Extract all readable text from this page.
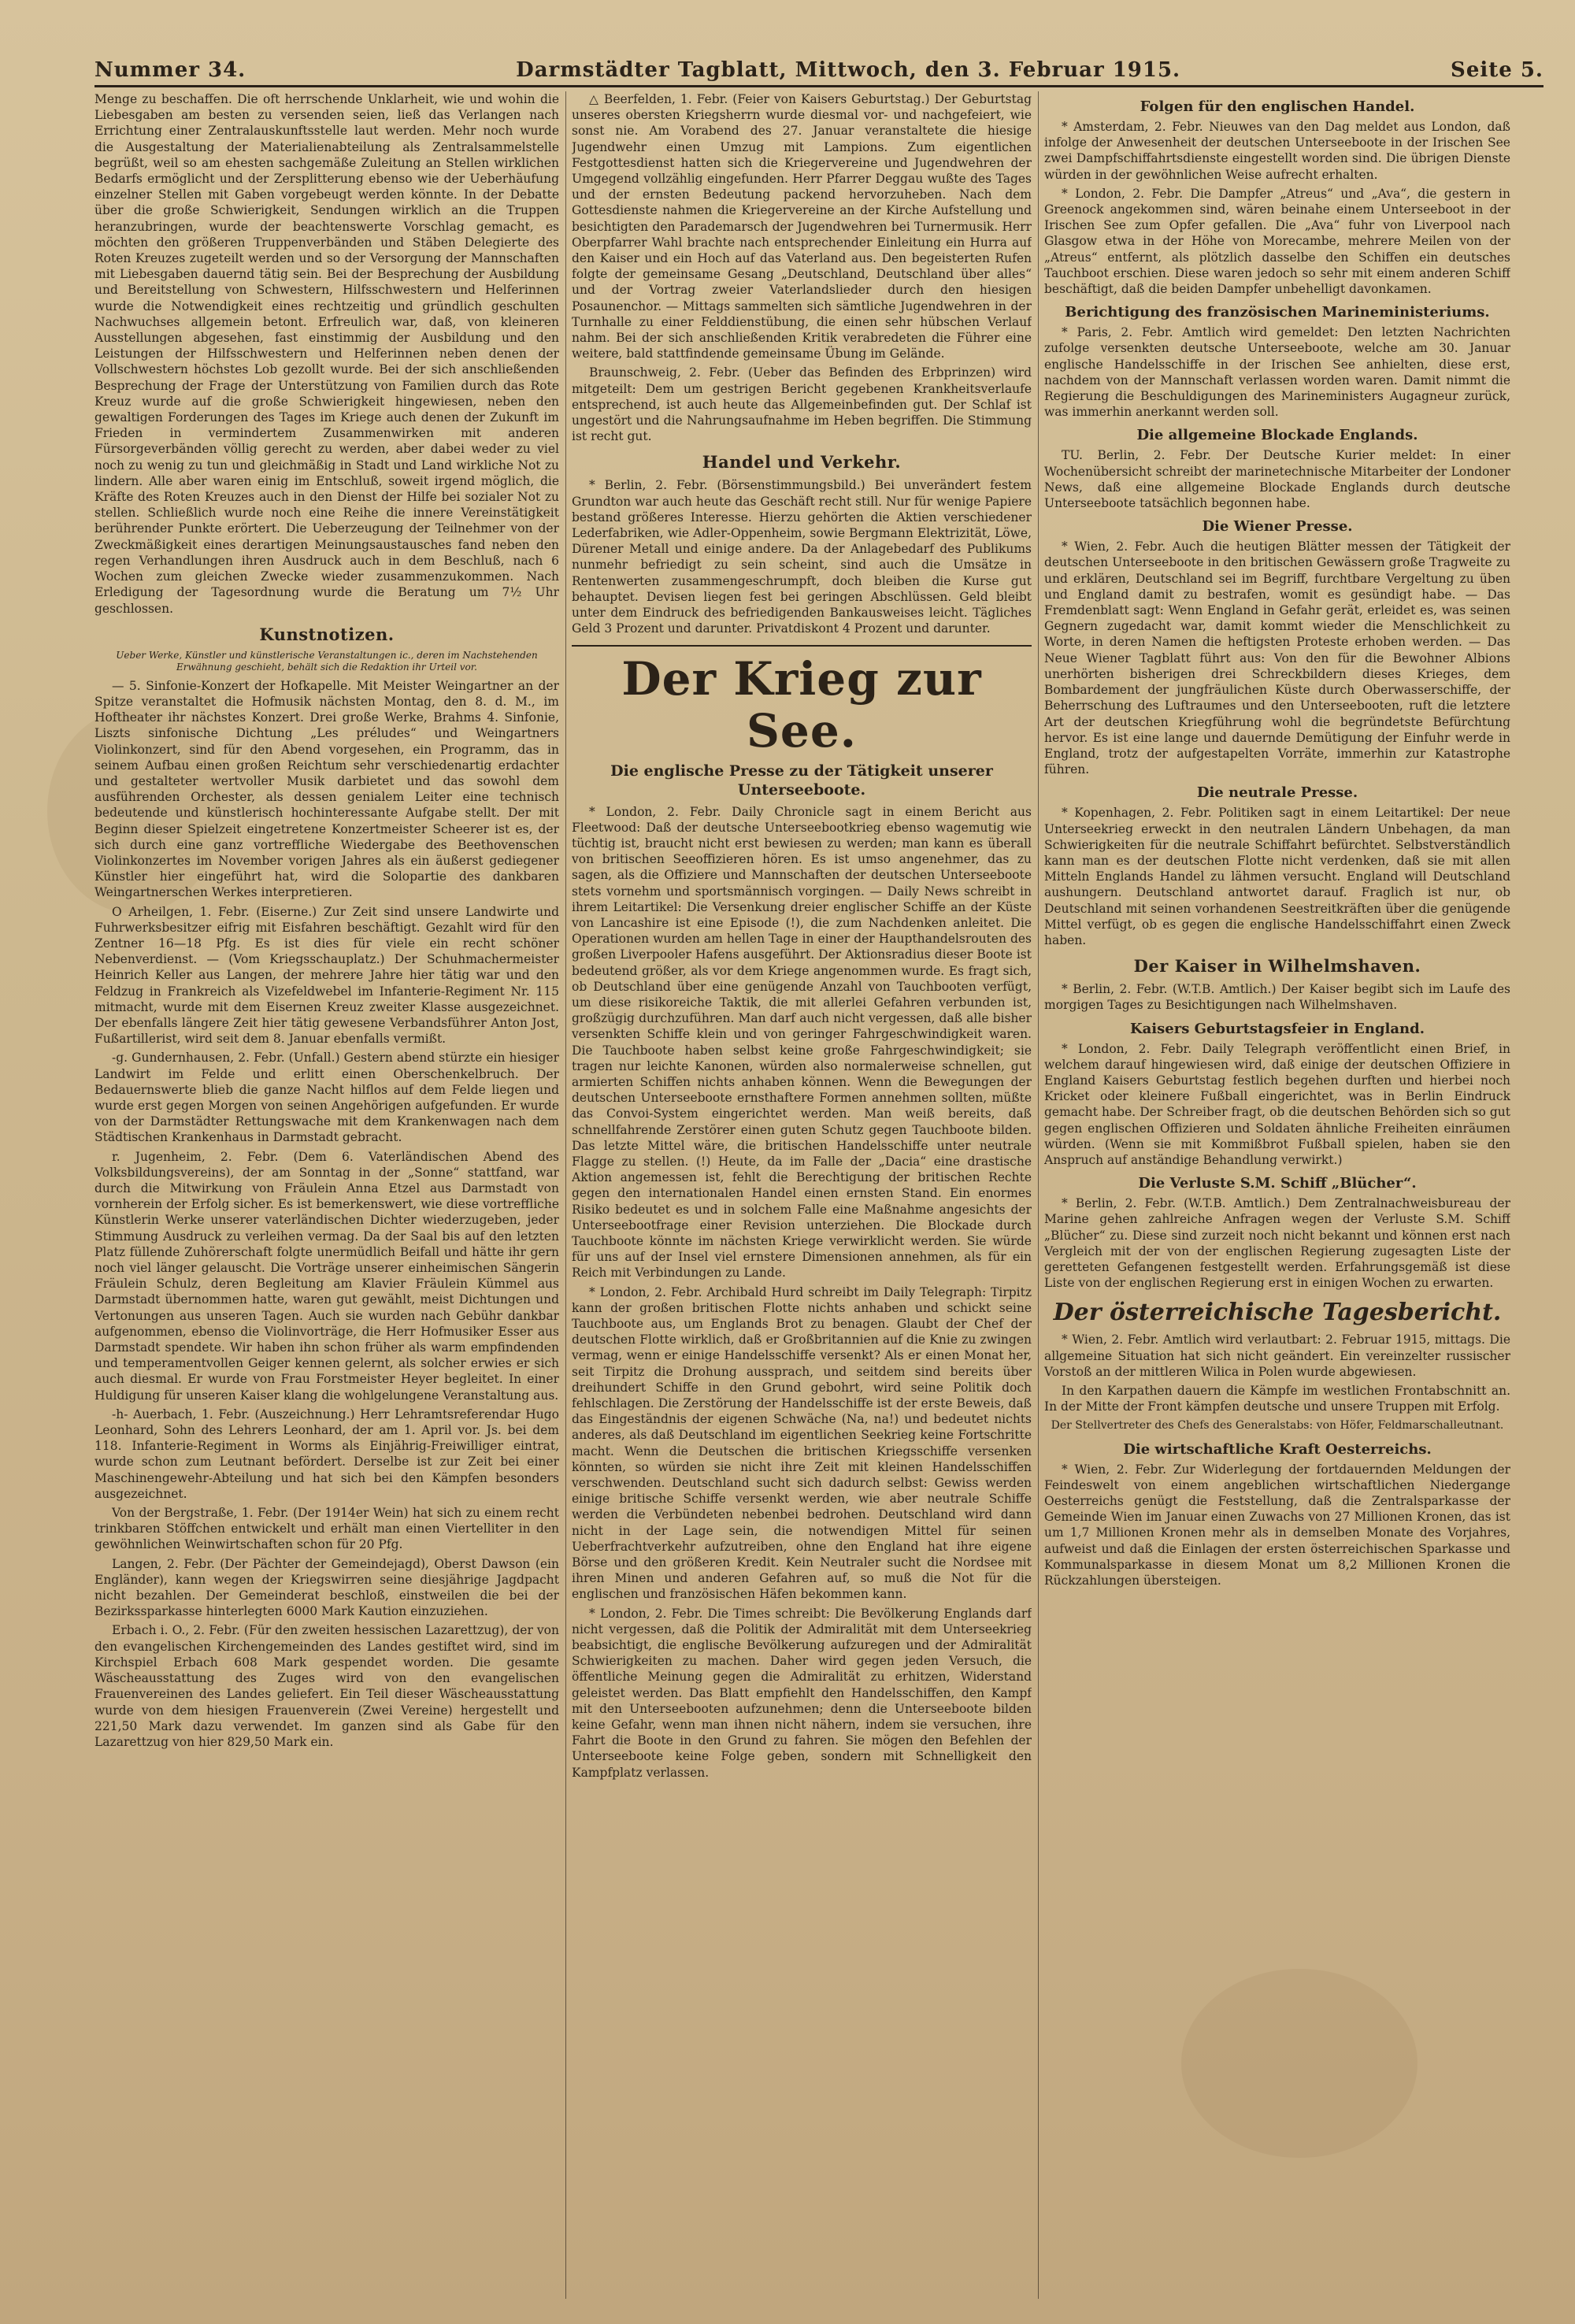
Nummer 34.	Darmstädter Tagblatt, Mittwoch, den 3. Februar 1915.	Seite 5.

Menge zu beschaffen. Die oft herrschende Unklarheit, wie und wohin die Liebesgaben am besten zu versenden seien, ließ das Verlangen nach Errichtung einer Zentralauskunftsstelle laut werden. Mehr noch wurde die Ausgestaltung der Materialienabteilung als Zentralsammelstelle begrüßt, weil so am ehesten sachgemäße Zuleitung an Stellen wirklichen Bedarfs ermöglicht und der Zersplitterung ebenso wie der Ueberhäufung einzelner Stellen mit Gaben vorgebeugt werden könnte. In der Debatte über die große Schwierigkeit, Sendungen wirklich an die Truppen heranzubringen, wurde der beachtenswerte Vorschlag gemacht, es möchten den größeren Truppenverbänden und Stäben Delegierte des Roten Kreuzes zugeteilt werden und so der Versorgung der Mannschaften mit Liebesgaben dauernd tätig sein. Bei der Besprechung der Ausbildung und Bereitstellung von Schwestern, Hilfsschwestern und Helferinnen wurde die Notwendigkeit eines rechtzeitig und gründlich geschulten Nachwuchses allgemein betont. Erfreulich war, daß, von kleineren Ausstellungen abgesehen, fast einstimmig der Ausbildung und den Leistungen der Hilfsschwestern und Helferinnen neben denen der Vollschwestern höchstes Lob gezollt wurde. Bei der sich anschließenden Besprechung der Frage der Unterstützung von Familien durch das Rote Kreuz wurde auf die große Schwierigkeit hingewiesen, neben den gewaltigen Forderungen des Tages im Kriege auch denen der Zukunft im Frieden in vermindertem Zusammenwirken mit anderen Fürsorgeverbänden völlig gerecht zu werden, aber dabei weder zu viel noch zu wenig zu tun und gleichmäßig in Stadt und Land wirkliche Not zu lindern. Alle aber waren einig im Entschluß, soweit irgend möglich, die Kräfte des Roten Kreuzes auch in den Dienst der Hilfe bei sozialer Not zu stellen. Schließlich wurde noch eine Reihe die innere Vereinstätigkeit berührender Punkte erörtert. Die Ueberzeugung der Teilnehmer von der Zweckmäßigkeit eines derartigen Meinungsaustausches fand neben den regen Verhandlungen ihren Ausdruck auch in dem Beschluß, nach 6 Wochen zum gleichen Zwecke wieder zusammenzukommen. Nach Erledigung der Tagesordnung wurde die Beratung um 7½ Uhr geschlossen.

Kunstnotizen.
Ueber Werke, Künstler und künstlerische Veranstaltungen ic., deren im Nachstehenden Erwähnung geschieht, behält sich die Redaktion ihr Urteil vor.

— 5. Sinfonie-Konzert der Hofkapelle. Mit Meister Weingartner an der Spitze veranstaltet die Hofmusik nächsten Montag, den 8. d. M., im Hoftheater ihr nächstes Konzert. Drei große Werke, Brahms 4. Sinfonie, Liszts sinfonische Dichtung „Les préludes“ und Weingartners Violinkonzert, sind für den Abend vorgesehen, ein Programm, das in seinem Aufbau einen großen Reichtum sehr verschiedenartig erdachter und gestalteter wertvoller Musik darbietet und das sowohl dem ausführenden Orchester, als dessen genialem Leiter eine technisch bedeutende und künstlerisch hochinteressante Aufgabe stellt. Der mit Beginn dieser Spielzeit eingetretene Konzertmeister Scheerer ist es, der sich durch eine ganz vortreffliche Wiedergabe des Beethovenschen Violinkonzertes im November vorigen Jahres als ein äußerst gediegener Künstler hier eingeführt hat, wird die Solopartie des dankbaren Weingartnerschen Werkes interpretieren.

O Arheilgen, 1. Febr. (Eiserne.) Zur Zeit sind unsere Landwirte und Fuhrwerksbesitzer eifrig mit Eisfahren beschäftigt. Gezahlt wird für den Zentner 16—18 Pfg. Es ist dies für viele ein recht schöner Nebenverdienst. — (Vom Kriegsschauplatz.) Der Schuhmachermeister Heinrich Keller aus Langen, der mehrere Jahre hier tätig war und den Feldzug in Frankreich als Vizefeldwebel im Infanterie-Regiment Nr. 115 mitmacht, wurde mit dem Eisernen Kreuz zweiter Klasse ausgezeichnet. Der ebenfalls längere Zeit hier tätig gewesene Verbandsführer Anton Jost, Fußartillerist, wird seit dem 8. Januar ebenfalls vermißt.

-g. Gundernhausen, 2. Febr. (Unfall.) Gestern abend stürzte ein hiesiger Landwirt im Felde und erlitt einen Oberschenkelbruch. Der Bedauernswerte blieb die ganze Nacht hilflos auf dem Felde liegen und wurde erst gegen Morgen von seinen Angehörigen aufgefunden. Er wurde von der Darmstädter Rettungswache mit dem Krankenwagen nach dem Städtischen Krankenhaus in Darmstadt gebracht.

r. Jugenheim, 2. Febr. (Dem 6. Vaterländischen Abend des Volksbildungsvereins), der am Sonntag in der „Sonne“ stattfand, war durch die Mitwirkung von Fräulein Anna Etzel aus Darmstadt von vornherein der Erfolg sicher. Es ist bemerkenswert, wie diese vortreffliche Künstlerin Werke unserer vaterländischen Dichter wiederzugeben, jeder Stimmung Ausdruck zu verleihen vermag. Da der Saal bis auf den letzten Platz füllende Zuhörerschaft folgte unermüdlich Beifall und hätte ihr gern noch viel länger gelauscht. Die Vorträge unserer einheimischen Sängerin Fräulein Schulz, deren Begleitung am Klavier Fräulein Kümmel aus Darmstadt übernommen hatte, waren gut gewählt, meist Dichtungen und Vertonungen aus unseren Tagen. Auch sie wurden nach Gebühr dankbar aufgenommen, ebenso die Violinvorträge, die Herr Hofmusiker Esser aus Darmstadt spendete. Wir haben ihn schon früher als warm empfindenden und temperamentvollen Geiger kennen gelernt, als solcher erwies er sich auch diesmal. Er wurde von Frau Forstmeister Heyer begleitet. In einer Huldigung für unseren Kaiser klang die wohlgelungene Veranstaltung aus.

-h- Auerbach, 1. Febr. (Auszeichnung.) Herr Lehramtsreferendar Hugo Leonhard, Sohn des Lehrers Leonhard, der am 1. April vor. Js. bei dem 118. Infanterie-Regiment in Worms als Einjährig-Freiwilliger eintrat, wurde schon zum Leutnant befördert. Derselbe ist zur Zeit bei einer Maschinengewehr-Abteilung und hat sich bei den Kämpfen besonders ausgezeichnet.

Von der Bergstraße, 1. Febr. (Der 1914er Wein) hat sich zu einem recht trinkbaren Stöffchen entwickelt und erhält man einen Viertelliter in den gewöhnlichen Weinwirtschaften schon für 20 Pfg.

Langen, 2. Febr. (Der Pächter der Gemeindejagd), Oberst Dawson (ein Engländer), kann wegen der Kriegswirren seine diesjährige Jagdpacht nicht bezahlen. Der Gemeinderat beschloß, einstweilen die bei der Bezirkssparkasse hinterlegten 6000 Mark Kaution einzuziehen.

Erbach i. O., 2. Febr. (Für den zweiten hessischen Lazarettzug), der von den evangelischen Kirchengemeinden des Landes gestiftet wird, sind im Kirchspiel Erbach 608 Mark gespendet worden. Die gesamte Wäscheausstattung des Zuges wird von den evangelischen Frauenvereinen des Landes geliefert. Ein Teil dieser Wäscheausstattung wurde von dem hiesigen Frauenverein (Zwei Vereine) hergestellt und 221,50 Mark dazu verwendet. Im ganzen sind als Gabe für den Lazarettzug von hier 829,50 Mark ein.

△ Beerfelden, 1. Febr. (Feier von Kaisers Geburtstag.) Der Geburtstag unseres obersten Kriegsherrn wurde diesmal vor- und nachgefeiert, wie sonst nie. Am Vorabend des 27. Januar veranstaltete die hiesige Jugendwehr einen Umzug mit Lampions. Zum eigentlichen Festgottesdienst hatten sich die Kriegervereine und Jugendwehren der Umgegend vollzählig eingefunden. Herr Pfarrer Deggau wußte des Tages und der ernsten Bedeutung packend hervorzuheben. Nach dem Gottesdienste nahmen die Kriegervereine an der Kirche Aufstellung und besichtigten den Parademarsch der Jugendwehren bei Turnermusik. Herr Oberpfarrer Wahl brachte nach entsprechender Einleitung ein Hurra auf den Kaiser und ein Hoch auf das Vaterland aus. Den begeisterten Rufen folgte der gemeinsame Gesang „Deutschland, Deutschland über alles“ und der Vortrag zweier Vaterlandslieder durch den hiesigen Posaunenchor. — Mittags sammelten sich sämtliche Jugendwehren in der Turnhalle zu einer Felddienstübung, die einen sehr hübschen Verlauf nahm. Bei der sich anschließenden Kritik verabredeten die Führer eine weitere, bald stattfindende gemeinsame Übung im Gelände.

Braunschweig, 2. Febr. (Ueber das Befinden des Erbprinzen) wird mitgeteilt: Dem um gestrigen Bericht gegebenen Krankheitsverlaufe entsprechend, ist auch heute das Allgemeinbefinden gut. Der Schlaf ist ungestört und die Nahrungsaufnahme im Heben begriffen. Die Stimmung ist recht gut.

Handel und Verkehr.

* Berlin, 2. Febr. (Börsenstimmungsbild.) Bei unverändert festem Grundton war auch heute das Geschäft recht still. Nur für wenige Papiere bestand größeres Interesse. Hierzu gehörten die Aktien verschiedener Lederfabriken, wie Adler-Oppenheim, sowie Bergmann Elektrizität, Löwe, Dürener Metall und einige andere. Da der Anlagebedarf des Publikums nunmehr befriedigt zu sein scheint, sind auch die Umsätze in Rentenwerten zusammengeschrumpft, doch bleiben die Kurse gut behauptet. Devisen liegen fest bei geringen Abschlüssen. Geld bleibt unter dem Eindruck des befriedigenden Bankausweises leicht. Tägliches Geld 3 Prozent und darunter. Privatdiskont 4 Prozent und darunter.

Der Krieg zur See.
Die englische Presse zu der Tätigkeit unserer Unterseeboote.

* London, 2. Febr. Daily Chronicle sagt in einem Bericht aus Fleetwood: Daß der deutsche Unterseebootkrieg ebenso wagemutig wie tüchtig ist, braucht nicht erst bewiesen zu werden; man kann es überall von britischen Seeoffizieren hören. Es ist umso angenehmer, das zu sagen, als die Offiziere und Mannschaften der deutschen Unterseeboote stets vornehm und sportsmännisch vorgingen. — Daily News schreibt in ihrem Leitartikel: Die Versenkung dreier englischer Schiffe an der Küste von Lancashire ist eine Episode (!), die zum Nachdenken anleitet. Die Operationen wurden am hellen Tage in einer der Haupthandelsrouten des großen Liverpooler Hafens ausgeführt. Der Aktionsradius dieser Boote ist bedeutend größer, als vor dem Kriege angenommen wurde. Es fragt sich, ob Deutschland über eine genügende Anzahl von Tauchbooten verfügt, um diese risikoreiche Taktik, die mit allerlei Gefahren verbunden ist, großzügig durchzuführen. Man darf auch nicht vergessen, daß alle bisher versenkten Schiffe klein und von geringer Fahrgeschwindigkeit waren. Die Tauchboote haben selbst keine große Fahrgeschwindigkeit; sie tragen nur leichte Kanonen, würden also normalerweise schnellen, gut armierten Schiffen nichts anhaben können. Wenn die Bewegungen der deutschen Unterseeboote ernsthaftere Formen annehmen sollten, müßte das Convoi-System eingerichtet werden. Man weiß bereits, daß schnellfahrende Zerstörer einen guten Schutz gegen Tauchboote bilden. Das letzte Mittel wäre, die britischen Handelsschiffe unter neutrale Flagge zu stellen. (!) Heute, da im Falle der „Dacia“ eine drastische Aktion angemessen ist, fehlt die Berechtigung der britischen Rechte gegen den internationalen Handel einen ernsten Stand. Ein enormes Risiko bedeutet es und in solchem Falle eine Maßnahme angesichts der Unterseebootfrage einer Revision unterziehen. Die Blockade durch Tauchboote könnte im nächsten Kriege verwirklicht werden. Sie würde für uns auf der Insel viel ernstere Dimensionen annehmen, als für ein Reich mit Verbindungen zu Lande.

* London, 2. Febr. Archibald Hurd schreibt im Daily Telegraph: Tirpitz kann der großen britischen Flotte nichts anhaben und schickt seine Tauchboote aus, um Englands Brot zu benagen. Glaubt der Chef der deutschen Flotte wirklich, daß er Großbritannien auf die Knie zu zwingen vermag, wenn er einige Handelsschiffe versenkt? Als er einen Monat her, seit Tirpitz die Drohung aussprach, und seitdem sind bereits über dreihundert Schiffe in den Grund gebohrt, wird seine Politik doch fehlschlagen. Die Zerstörung der Handelsschiffe ist der erste Beweis, daß das Eingeständnis der eigenen Schwäche (Na, na!) und bedeutet nichts anderes, als daß Deutschland im eigentlichen Seekrieg keine Fortschritte macht. Wenn die Deutschen die britischen Kriegsschiffe versenken könnten, so würden sie nicht ihre Zeit mit kleinen Handelsschiffen verschwenden. Deutschland sucht sich dadurch selbst: Gewiss werden einige britische Schiffe versenkt werden, wie aber neutrale Schiffe werden die Verbündeten nebenbei bedrohen. Deutschland wird dann nicht in der Lage sein, die notwendigen Mittel für seinen Ueberfrachtverkehr aufzutreiben, ohne den England hat ihre eigene Börse und den größeren Kredit. Kein Neutraler sucht die Nordsee mit ihren Minen und anderen Gefahren auf, so muß die Not für die englischen und französischen Häfen bekommen kann.

* London, 2. Febr. Die Times schreibt: Die Bevölkerung Englands darf nicht vergessen, daß die Politik der Admiralität mit dem Unterseekrieg beabsichtigt, die englische Bevölkerung aufzuregen und der Admiralität Schwierigkeiten zu machen. Daher wird gegen jeden Versuch, die öffentliche Meinung gegen die Admiralität zu erhitzen, Widerstand geleistet werden. Das Blatt empfiehlt den Handelsschiffen, den Kampf mit den Unterseebooten aufzunehmen; denn die Unterseeboote bilden keine Gefahr, wenn man ihnen nicht nähern, indem sie versuchen, ihre Fahrt die Boote in den Grund zu fahren. Sie mögen den Befehlen der Unterseeboote keine Folge geben, sondern mit Schnelligkeit den Kampfplatz verlassen.

Folgen für den englischen Handel.

* Amsterdam, 2. Febr. Nieuwes van den Dag meldet aus London, daß infolge der Anwesenheit der deutschen Unterseeboote in der Irischen See zwei Dampfschiffahrtsdienste eingestellt worden sind. Die übrigen Dienste würden in der gewöhnlichen Weise aufrecht erhalten.

* London, 2. Febr. Die Dampfer „Atreus“ und „Ava“, die gestern in Greenock angekommen sind, wären beinahe einem Unterseeboot in der Irischen See zum Opfer gefallen. Die „Ava“ fuhr von Liverpool nach Glasgow etwa in der Höhe von Morecambe, mehrere Meilen von der „Atreus“ entfernt, als plötzlich dasselbe den Schiffen ein deutsches Tauchboot erschien. Diese waren jedoch so sehr mit einem anderen Schiff beschäftigt, daß die beiden Dampfer unbehelligt davonkamen.

Berichtigung des französischen Marineministeriums.

* Paris, 2. Febr. Amtlich wird gemeldet: Den letzten Nachrichten zufolge versenkten deutsche Unterseeboote, welche am 30. Januar englische Handelsschiffe in der Irischen See anhielten, diese erst, nachdem von der Mannschaft verlassen worden waren. Damit nimmt die Regierung die Beschuldigungen des Marineministers Augagneur zurück, was immerhin anerkannt werden soll.

Die allgemeine Blockade Englands.

TU. Berlin, 2. Febr. Der Deutsche Kurier meldet: In einer Wochenübersicht schreibt der marinetechnische Mitarbeiter der Londoner News, daß eine allgemeine Blockade Englands durch deutsche Unterseeboote tatsächlich begonnen habe.

Die Wiener Presse.

* Wien, 2. Febr. Auch die heutigen Blätter messen der Tätigkeit der deutschen Unterseeboote in den britischen Gewässern große Tragweite zu und erklären, Deutschland sei im Begriff, furchtbare Vergeltung zu üben und England damit zu bestrafen, womit es gesündigt habe. — Das Fremdenblatt sagt: Wenn England in Gefahr gerät, erleidet es, was seinen Gegnern zugedacht war, damit kommt wieder die Menschlichkeit zu Worte, in deren Namen die heftigsten Proteste erhoben werden. — Das Neue Wiener Tagblatt führt aus: Von den für die Bewohner Albions unerhörten bisherigen drei Schreckbildern dieses Krieges, dem Bombardement der jungfräulichen Küste durch Oberwasserschiffe, der Beherrschung des Luftraumes und den Unterseebooten, ruft die letztere Art der deutschen Kriegführung wohl die begründetste Befürchtung hervor. Es ist eine lange und dauernde Demütigung der Einfuhr werde in England, trotz der aufgestapelten Vorräte, immerhin zur Katastrophe führen.

Die neutrale Presse.

* Kopenhagen, 2. Febr. Politiken sagt in einem Leitartikel: Der neue Unterseekrieg erweckt in den neutralen Ländern Unbehagen, da man Schwierigkeiten für die neutrale Schiffahrt befürchtet. Selbstverständlich kann man es der deutschen Flotte nicht verdenken, daß sie mit allen Mitteln Englands Handel zu lähmen versucht. England will Deutschland aushungern. Deutschland antwortet darauf. Fraglich ist nur, ob Deutschland mit seinen vorhandenen Seestreitkräften über die genügende Mittel verfügt, ob es gegen die englische Handelsschiffahrt einen Zweck haben.

Der Kaiser in Wilhelmshaven.

* Berlin, 2. Febr. (W.T.B. Amtlich.) Der Kaiser begibt sich im Laufe des morgigen Tages zu Besichtigungen nach Wilhelmshaven.

Kaisers Geburtstagsfeier in England.

* London, 2. Febr. Daily Telegraph veröffentlicht einen Brief, in welchem darauf hingewiesen wird, daß einige der deutschen Offiziere in England Kaisers Geburtstag festlich begehen durften und hierbei noch Kricket oder kleinere Fußball eingerichtet, was in Berlin Eindruck gemacht habe. Der Schreiber fragt, ob die deutschen Behörden sich so gut gegen englischen Offizieren und Soldaten ähnliche Freiheiten einräumen würden. (Wenn sie mit Kommißbrot Fußball spielen, haben sie den Anspruch auf anständige Behandlung verwirkt.)

Die Verluste S.M. Schiff „Blücher“.

* Berlin, 2. Febr. (W.T.B. Amtlich.) Dem Zentralnachweisbureau der Marine gehen zahlreiche Anfragen wegen der Verluste S.M. Schiff „Blücher“ zu. Diese sind zurzeit noch nicht bekannt und können erst nach Vergleich mit der von der englischen Regierung zugesagten Liste der geretteten Gefangenen festgestellt werden. Erfahrungsgemäß ist diese Liste von der englischen Regierung erst in einigen Wochen zu erwarten.

Der österreichische Tagesbericht.

* Wien, 2. Febr. Amtlich wird verlautbart: 2. Februar 1915, mittags. Die allgemeine Situation hat sich nicht geändert. Ein vereinzelter russischer Vorstoß an der mittleren Wilica in Polen wurde abgewiesen.

In den Karpathen dauern die Kämpfe im westlichen Frontabschnitt an. In der Mitte der Front kämpfen deutsche und unsere Truppen mit Erfolg.

Der Stellvertreter des Chefs des Generalstabs: von Höfer, Feldmarschalleutnant.

Die wirtschaftliche Kraft Oesterreichs.

* Wien, 2. Febr. Zur Widerlegung der fortdauernden Meldungen der Feindeswelt von einem angeblichen wirtschaftlichen Niedergange Oesterreichs genügt die Feststellung, daß die Zentralsparkasse der Gemeinde Wien im Januar einen Zuwachs von 27 Millionen Kronen, das ist um 1,7 Millionen Kronen mehr als in demselben Monate des Vorjahres, aufweist und daß die Einlagen der ersten österreichischen Sparkasse und Kommunalsparkasse in diesem Monat um 8,2 Millionen Kronen die Rückzahlungen übersteigen.
